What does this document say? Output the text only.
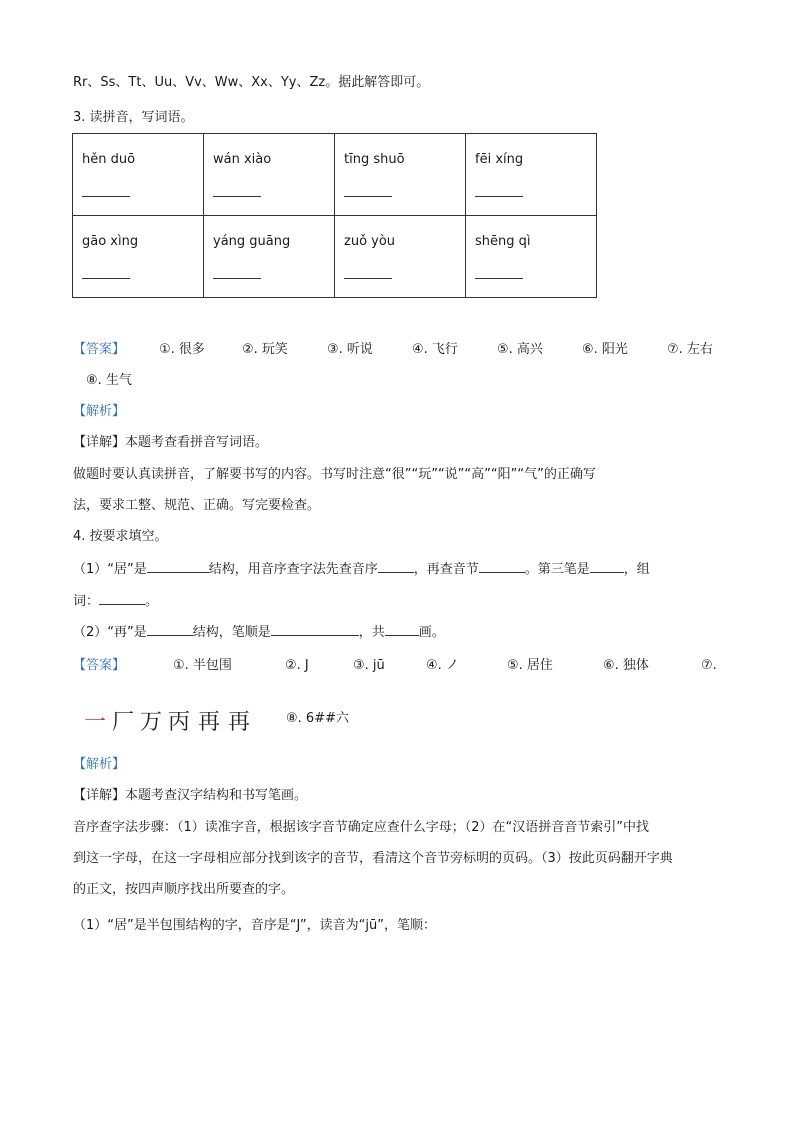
Rr、Ss、Tt、Uu、Vv、Ww、Xx、Yy、Zz。据此解答即可。
3. 读拼音，写词语。
hěn duō	wán xiào	tīng shuō	fēi xíng

gāo xìng	yáng guāng	zuǒ yòu	shēng qì
【答案】	①. 很多	②. 玩笑	③. 听说	④. 飞行	⑤. 高兴	⑥. 阳光	⑦. 左右
⑧. 生气
【解析】
【详解】本题考查看拼音写词语。
做题时要认真读拼音，了解要书写的内容。书写时注意“很”“玩”“说”“高”“阳”“气”的正确写
法，要求工整、规范、正确。写完要检查。
4. 按要求填空。
（1）“居”是	结构，用音序查字法先查音序	，再查音节	。第三笔是	，组
词：	。
（2）“再”是	结构，笔顺是	，共	画。
【答案】	①. 半包围	②. J	③. jū	④. ノ	⑤. 居住	⑥. 独体	⑦.
一 厂 万 丙 再 再	⑧. 6##六
【解析】
【详解】本题考查汉字结构和书写笔画。
音序查字法步骤：（1）读准字音，根据该字音节确定应查什么字母；（2）在“汉语拼音音节索引”中找
到这一字母，在这一字母相应部分找到该字的音节，看清这个音节旁标明的页码。（3）按此页码翻开字典
的正文，按四声顺序找出所要查的字。
（1）“居”是半包围结构的字，音序是“J”，读音为“jū”，笔顺：
